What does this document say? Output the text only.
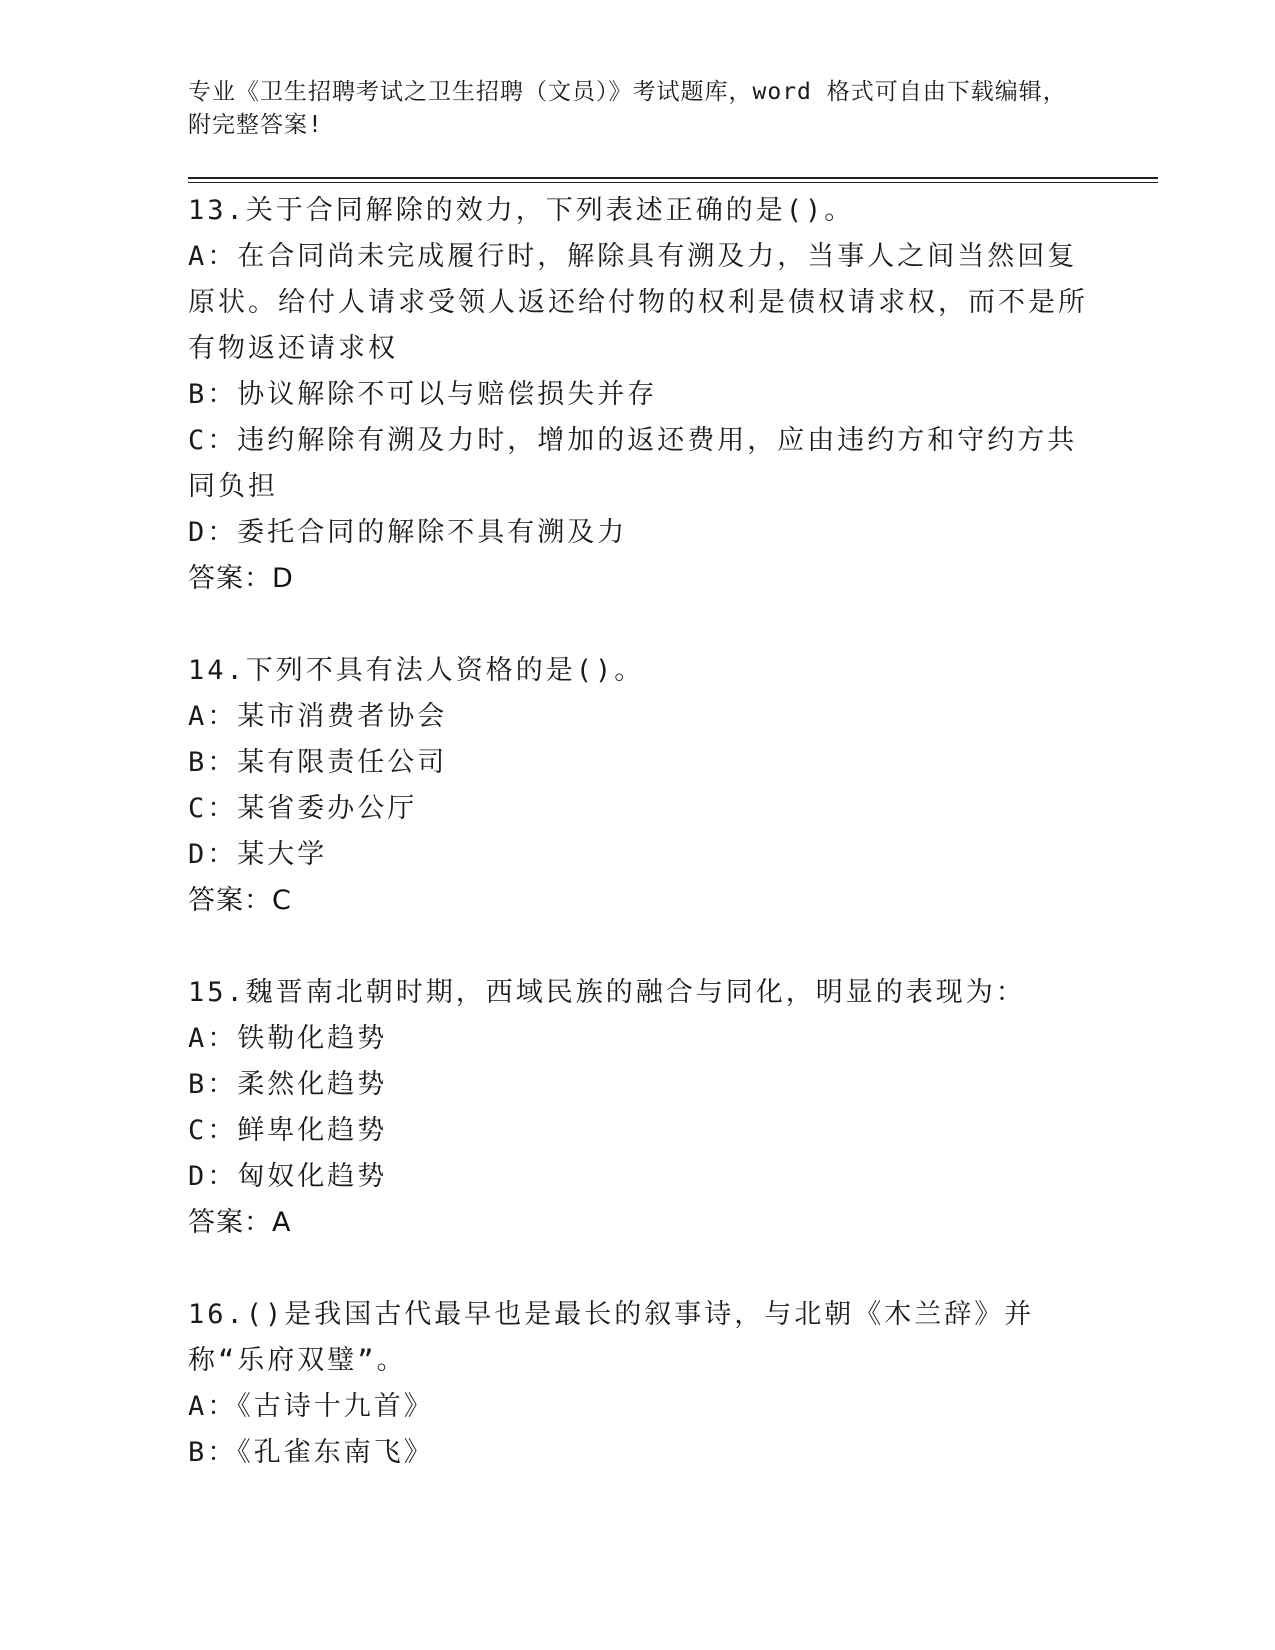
专业《卫生招聘考试之卫生招聘（文员）》考试题库，word 格式可自由下载编辑，附完整答案!
13.关于合同解除的效力，下列表述正确的是()。
A：在合同尚未完成履行时，解除具有溯及力，当事人之间当然回复原状。给付人请求受领人返还给付物的权利是债权请求权，而不是所有物返还请求权
B：协议解除不可以与赔偿损失并存
C：违约解除有溯及力时，增加的返还费用，应由违约方和守约方共同负担
D：委托合同的解除不具有溯及力
答案：D
14.下列不具有法人资格的是()。
A：某市消费者协会
B：某有限责任公司
C：某省委办公厅
D：某大学
答案：C
15.魏晋南北朝时期，西域民族的融合与同化，明显的表现为：
A：铁勒化趋势
B：柔然化趋势
C：鲜卑化趋势
D：匈奴化趋势
答案：A
16.()是我国古代最早也是最长的叙事诗，与北朝《木兰辞》并称“乐府双璧”。
A：《古诗十九首》
B：《孔雀东南飞》
